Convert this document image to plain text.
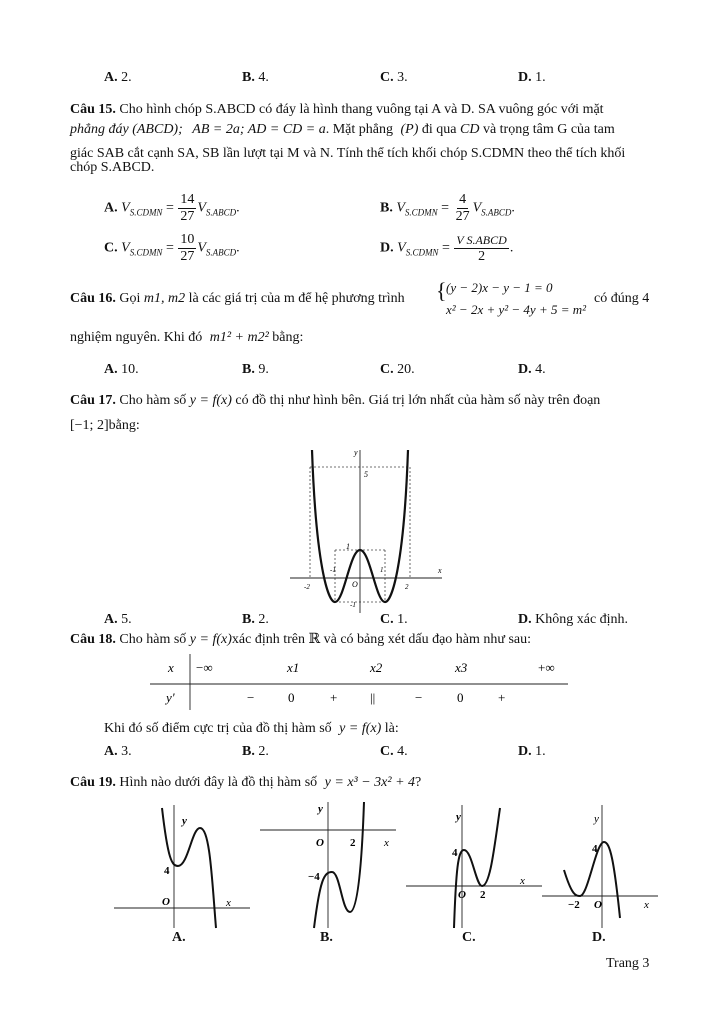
A. 2.	B. 4.	C. 3.	D. 1.
Câu 15. Cho hình chóp S.ABCD có đáy là hình thang vuông tại A và D. SA vuông góc với mặt
phẳng đáy (ABCD); AB = 2a; AD = CD = a. Mặt phẳng (P) đi qua CD và trọng tâm G của tam
giác SAB cắt cạnh SA, SB lần lượt tại M và N. Tính thể tích khối chóp S.CDMN theo thể tích khối
chóp S.ABCD.
A. $V_{S.CDMN} = \frac{14}{27} V_{S.ABCD}$.	B. $V_{S.CDMN} = \frac{4}{27} V_{S.ABCD}$.
C. $V_{S.CDMN} = \frac{10}{27} V_{S.ABCD}$.	D. $V_{S.CDMN} = \frac{\text{V S.ABCD}}{2}$ .
Câu 16. Gọi m1, m2 là các giá trị của m để hệ phương trình { (y − 2)x − y − 1 = 0
x² − 2x + y² − 4y + 5 = m²
có đúng 4
nghiệm nguyên. Khi đó m1² + m2² bằng:
A. 10.	B. 9.	C. 20.	D. 4.
Câu 17. Cho hàm số y = f(x) có đồ thị như hình bên. Giá trị lớn nhất của hàm số này trên đoạn
[−1; 2]bằng:
y
x
5
1
O
-1	1
-2	2
-1
A. 5.	B. 2.	C. 1.	D. Không xác định.
Câu 18. Cho hàm số y = f(x)xác định trên ℝ và có bảng xét dấu đạo hàm như sau:
x −∞	x1	x2	x3	+∞
y'	−	0	+	||	−	0	+
Khi đó số điểm cực trị của đồ thị hàm số y = f(x) là:
A. 3.	B. 2.	C. 4.	D. 1.
Câu 19. Hình nào dưới đây là đồ thị hàm số y = x³ − 3x² + 4?
y
4
O	x
y
O 2	x
−4
y
4
O 2
x
y
4
−2 O	x
A.	B.	C.	D.
Trang 3
